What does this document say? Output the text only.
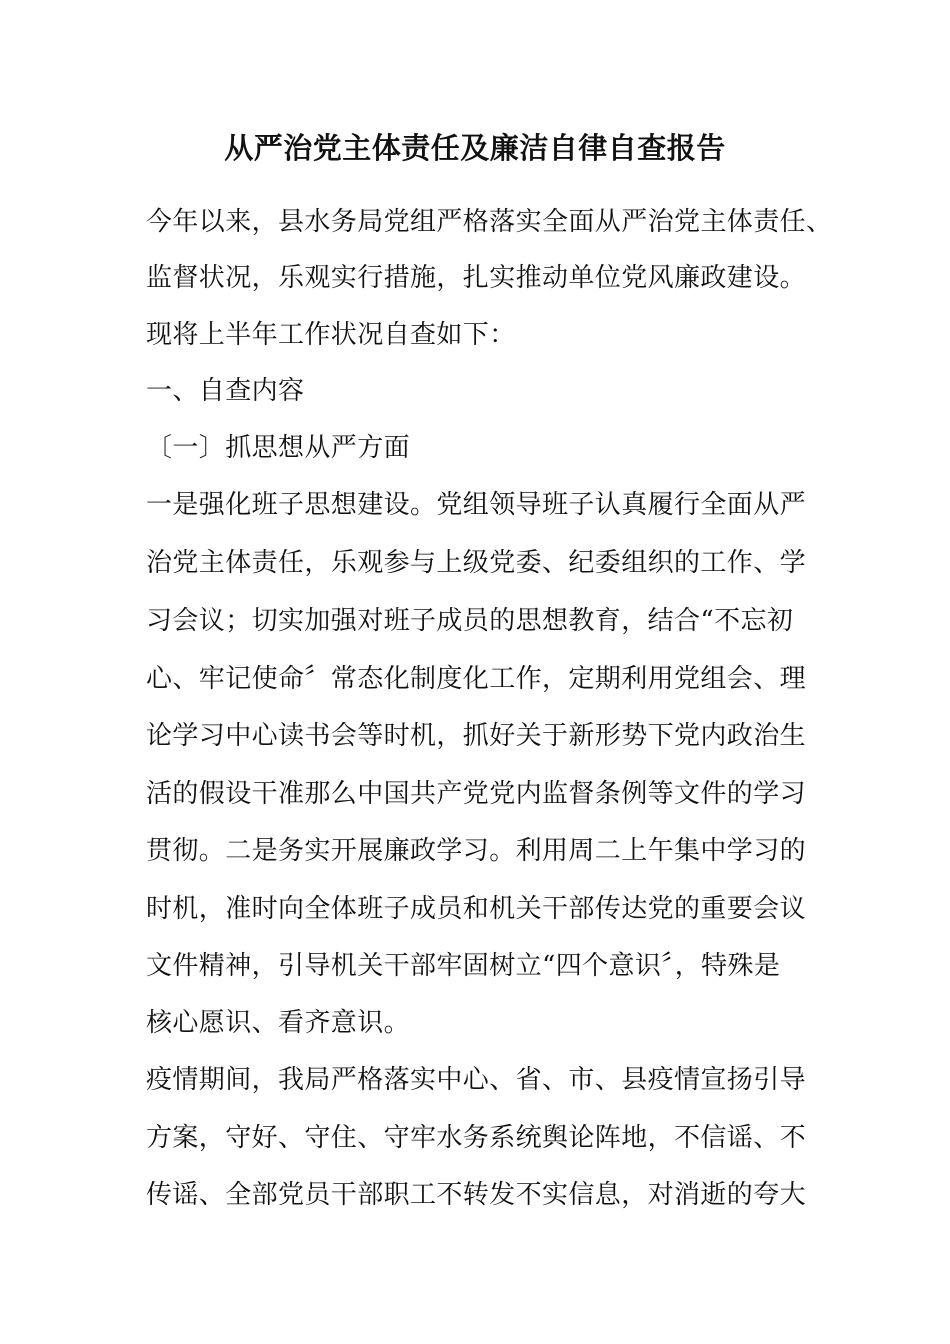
从严治党主体责任及廉洁自律自查报告
今年以来，县水务局党组严格落实全面从严治党主体责任、
监督状况，乐观实行措施，扎实推动单位党风廉政建设。
现将上半年工作状况自查如下：
一、自查内容
〔一〕抓思想从严方面
一是强化班子思想建设。党组领导班子认真履行全面从严
治党主体责任，乐观参与上级党委、纪委组织的工作、学
习会议；切实加强对班子成员的思想教育，结合“不忘初
心、牢记使命〞常态化制度化工作，定期利用党组会、理
论学习中心读书会等时机，抓好关于新形势下党内政治生
活的假设干准那么中国共产党党内监督条例等文件的学习
贯彻。二是务实开展廉政学习。利用周二上午集中学习的
时机，准时向全体班子成员和机关干部传达党的重要会议
文件精神，引导机关干部牢固树立“四个意识〞，特殊是
核心愿识、看齐意识。
疫情期间，我局严格落实中心、省、市、县疫情宣扬引导
方案，守好、守住、守牢水务系统舆论阵地，不信谣、不
传谣、全部党员干部职工不转发不实信息，对消逝的夸大
